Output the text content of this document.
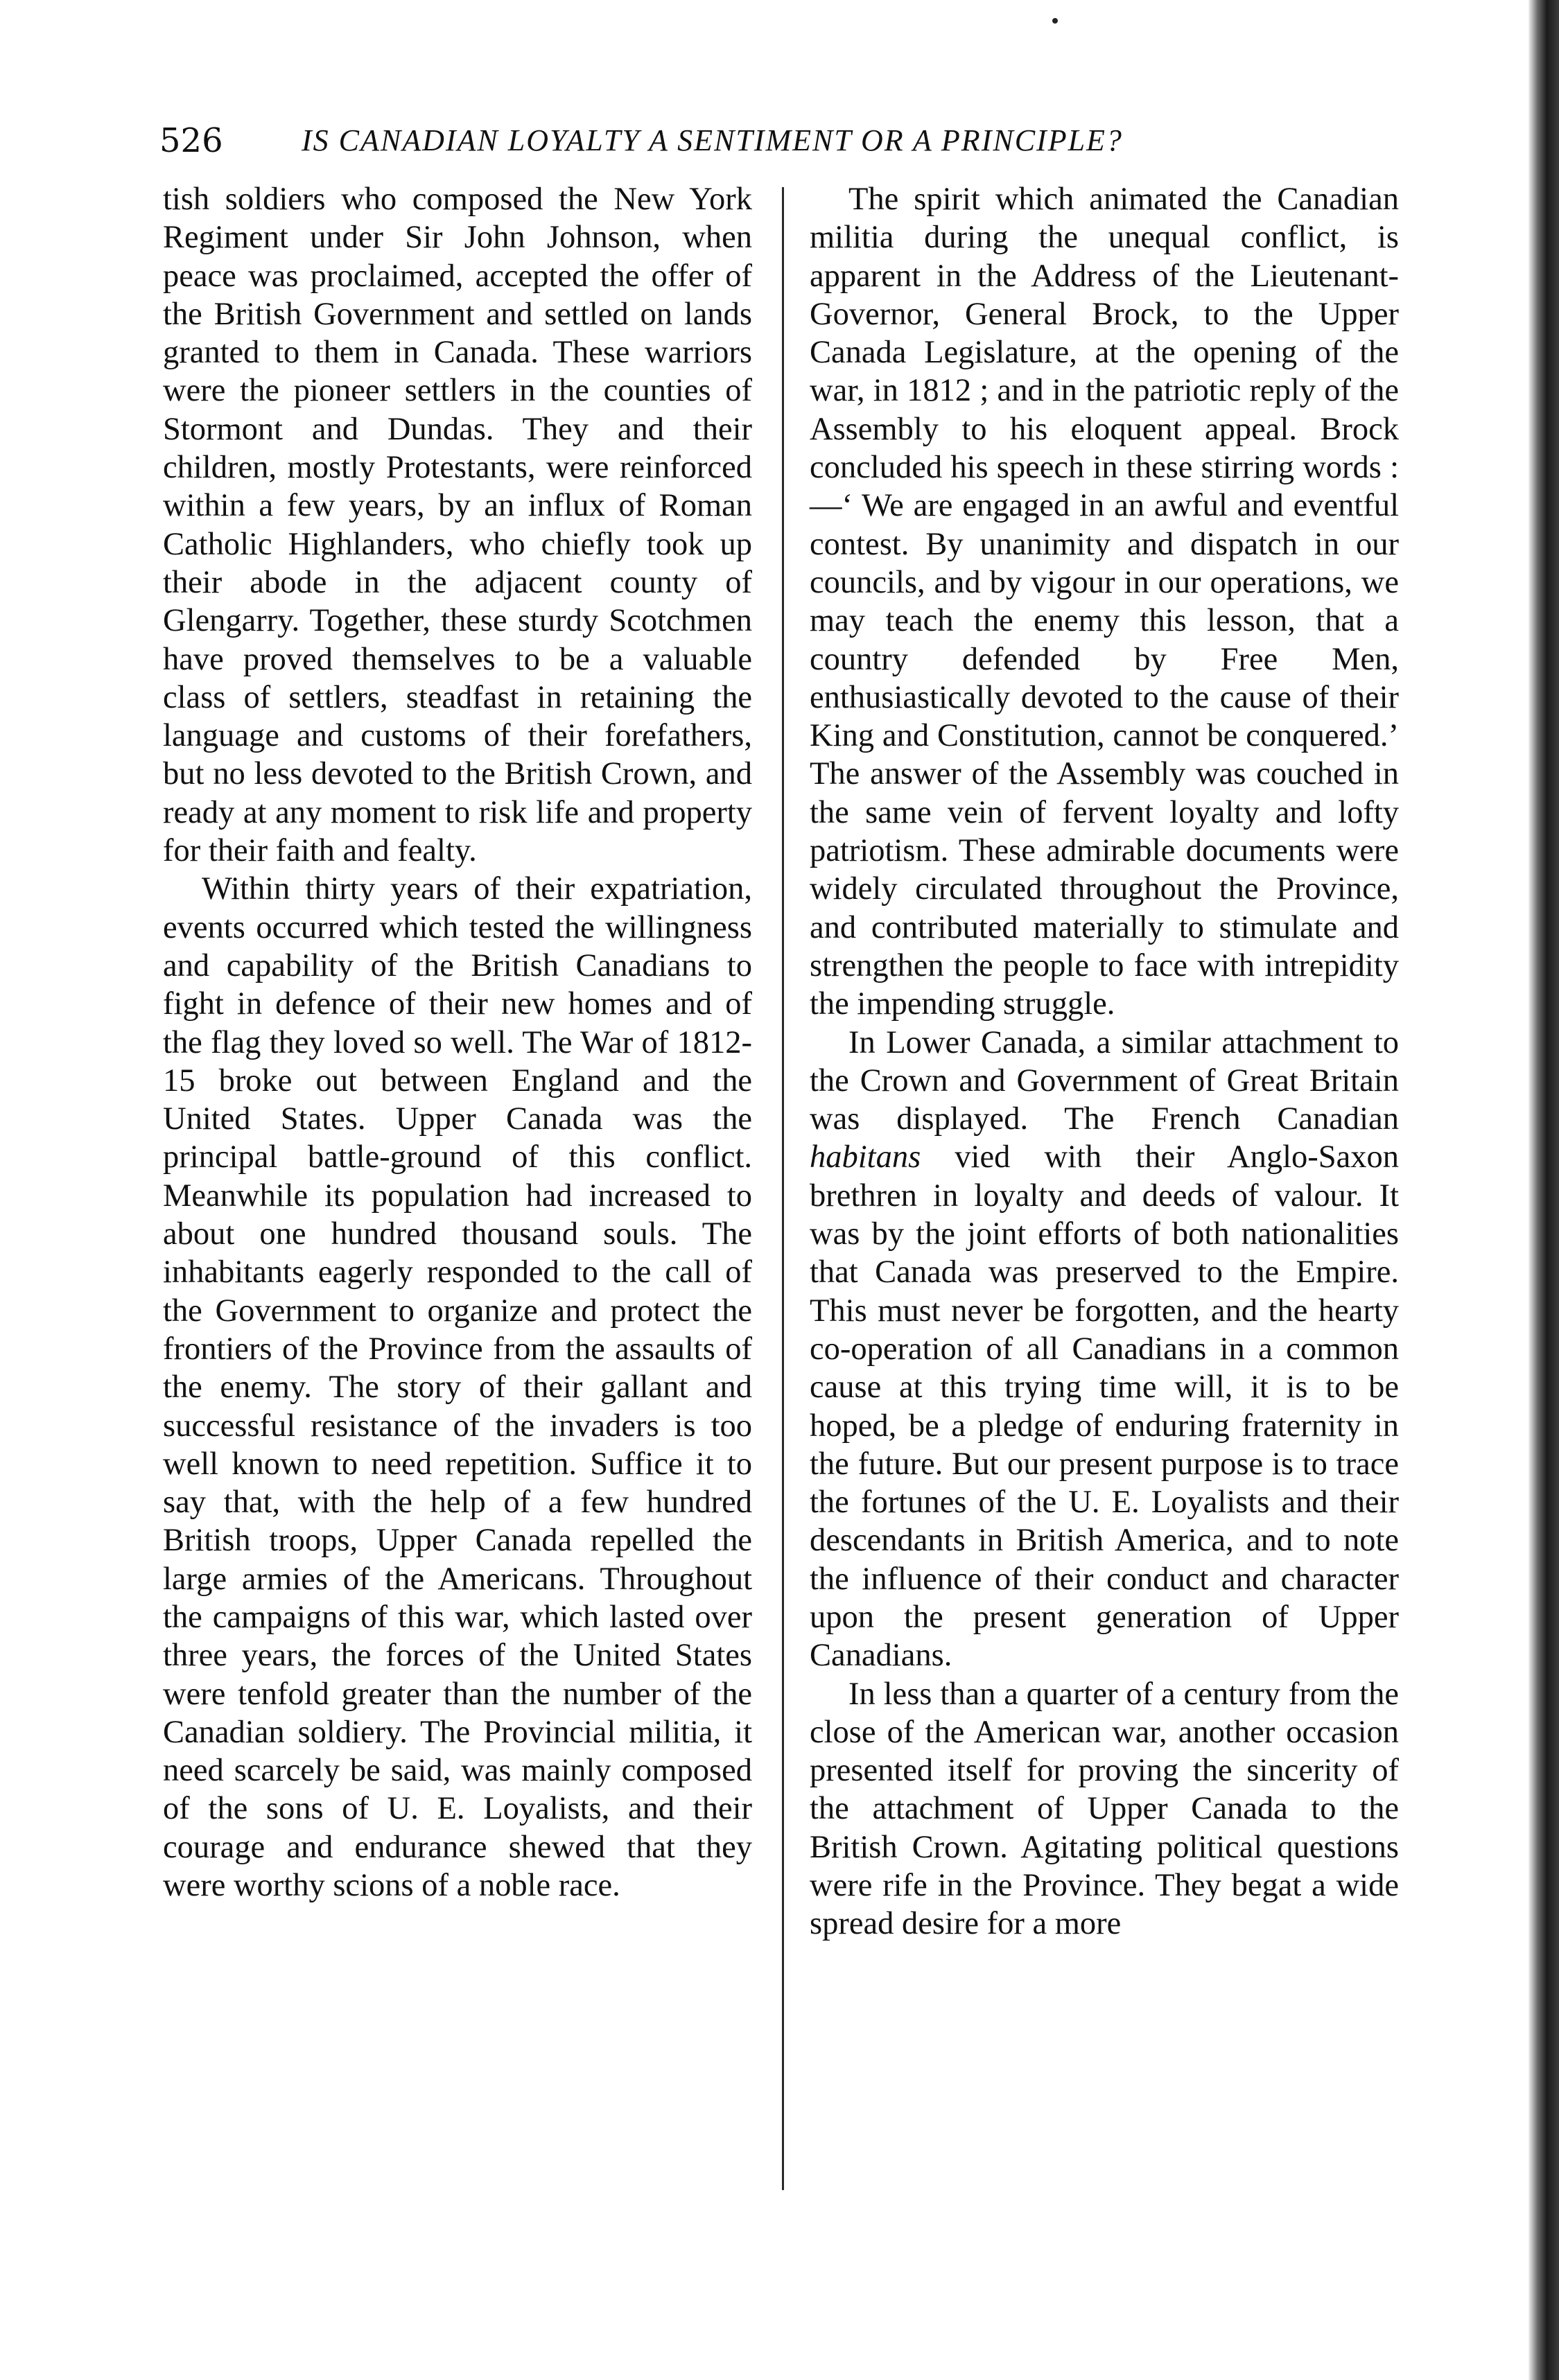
526	IS CANADIAN LOYALTY A SENTIMENT OR A PRINCIPLE?

tish soldiers who composed the New York Regiment under Sir John Johnson, when peace was proclaimed, accepted the offer of the British Government and settled on lands granted to them in Canada. These warriors were the pioneer settlers in the counties of Stormont and Dundas. They and their children, mostly Protestants, were reinforced within a few years, by an influx of Roman Catholic Highlanders, who chiefly took up their abode in the adjacent county of Glengarry. Together, these sturdy Scotchmen have proved themselves to be a valuable class of settlers, steadfast in retaining the language and customs of their forefathers, but no less devoted to the British Crown, and ready at any moment to risk life and property for their faith and fealty.

Within thirty years of their expatriation, events occurred which tested the willingness and capability of the British Canadians to fight in defence of their new homes and of the flag they loved so well. The War of 1812-15 broke out between England and the United States. Upper Canada was the principal battle-ground of this conflict. Meanwhile its population had increased to about one hundred thousand souls. The inhabitants eagerly responded to the call of the Government to organize and protect the frontiers of the Province from the assaults of the enemy. The story of their gallant and successful resistance of the invaders is too well known to need repetition. Suffice it to say that, with the help of a few hundred British troops, Upper Canada repelled the large armies of the Americans. Throughout the campaigns of this war, which lasted over three years, the forces of the United States were tenfold greater than the number of the Canadian soldiery. The Provincial militia, it need scarcely be said, was mainly composed of the sons of U. E. Loyalists, and their courage and endurance shewed that they were worthy scions of a noble race.

The spirit which animated the Canadian militia during the unequal conflict, is apparent in the Address of the Lieutenant-Governor, General Brock, to the Upper Canada Legislature, at the opening of the war, in 1812 ; and in the patriotic reply of the Assembly to his eloquent appeal. Brock concluded his speech in these stirring words :—‘ We are engaged in an awful and eventful contest. By unanimity and dispatch in our councils, and by vigour in our operations, we may teach the enemy this lesson, that a country defended by Free Men, enthusiastically devoted to the cause of their King and Constitution, cannot be conquered.’ The answer of the Assembly was couched in the same vein of fervent loyalty and lofty patriotism. These admirable documents were widely circulated throughout the Province, and contributed materially to stimulate and strengthen the people to face with intrepidity the impending struggle.

In Lower Canada, a similar attachment to the Crown and Government of Great Britain was displayed. The French Canadian habitans vied with their Anglo-Saxon brethren in loyalty and deeds of valour. It was by the joint efforts of both nationalities that Canada was preserved to the Empire. This must never be forgotten, and the hearty co-operation of all Canadians in a common cause at this trying time will, it is to be hoped, be a pledge of enduring fraternity in the future. But our present purpose is to trace the fortunes of the U. E. Loyalists and their descendants in British America, and to note the influence of their conduct and character upon the present generation of Upper Canadians.

In less than a quarter of a century from the close of the American war, another occasion presented itself for proving the sincerity of the attachment of Upper Canada to the British Crown. Agitating political questions were rife in the Province. They begat a wide spread desire for a more
